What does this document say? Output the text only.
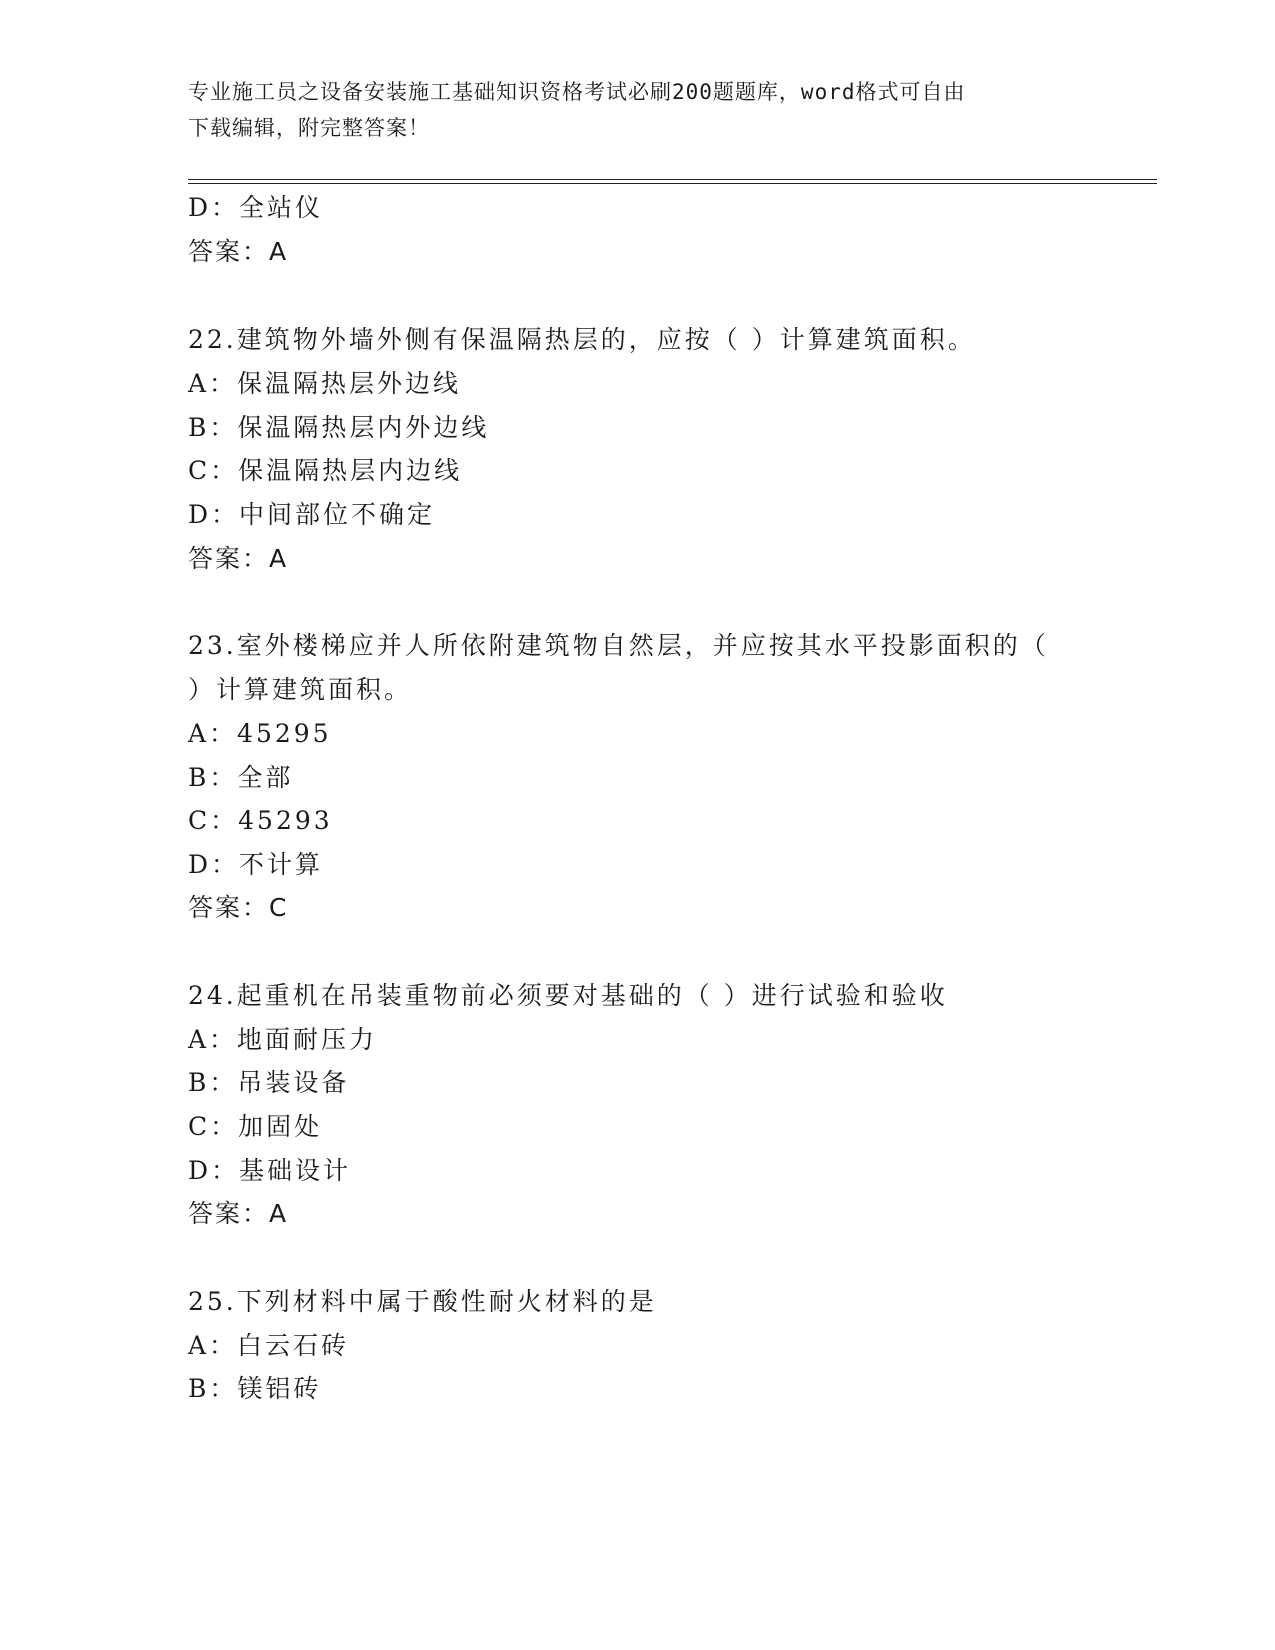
专业施工员之设备安装施工基础知识资格考试必刷200题题库，word格式可自由
下载编辑，附完整答案！
D：全站仪
答案：A
22.建筑物外墙外侧有保温隔热层的，应按（ ）计算建筑面积。
A：保温隔热层外边线
B：保温隔热层内外边线
C：保温隔热层内边线
D：中间部位不确定
答案：A
23.室外楼梯应并人所依附建筑物自然层，并应按其水平投影面积的（
）计算建筑面积。
A：45295
B：全部
C：45293
D：不计算
答案：C
24.起重机在吊装重物前必须要对基础的（ ）进行试验和验收
A：地面耐压力
B：吊装设备
C：加固处
D：基础设计
答案：A
25.下列材料中属于酸性耐火材料的是
A：白云石砖
B：镁铝砖
